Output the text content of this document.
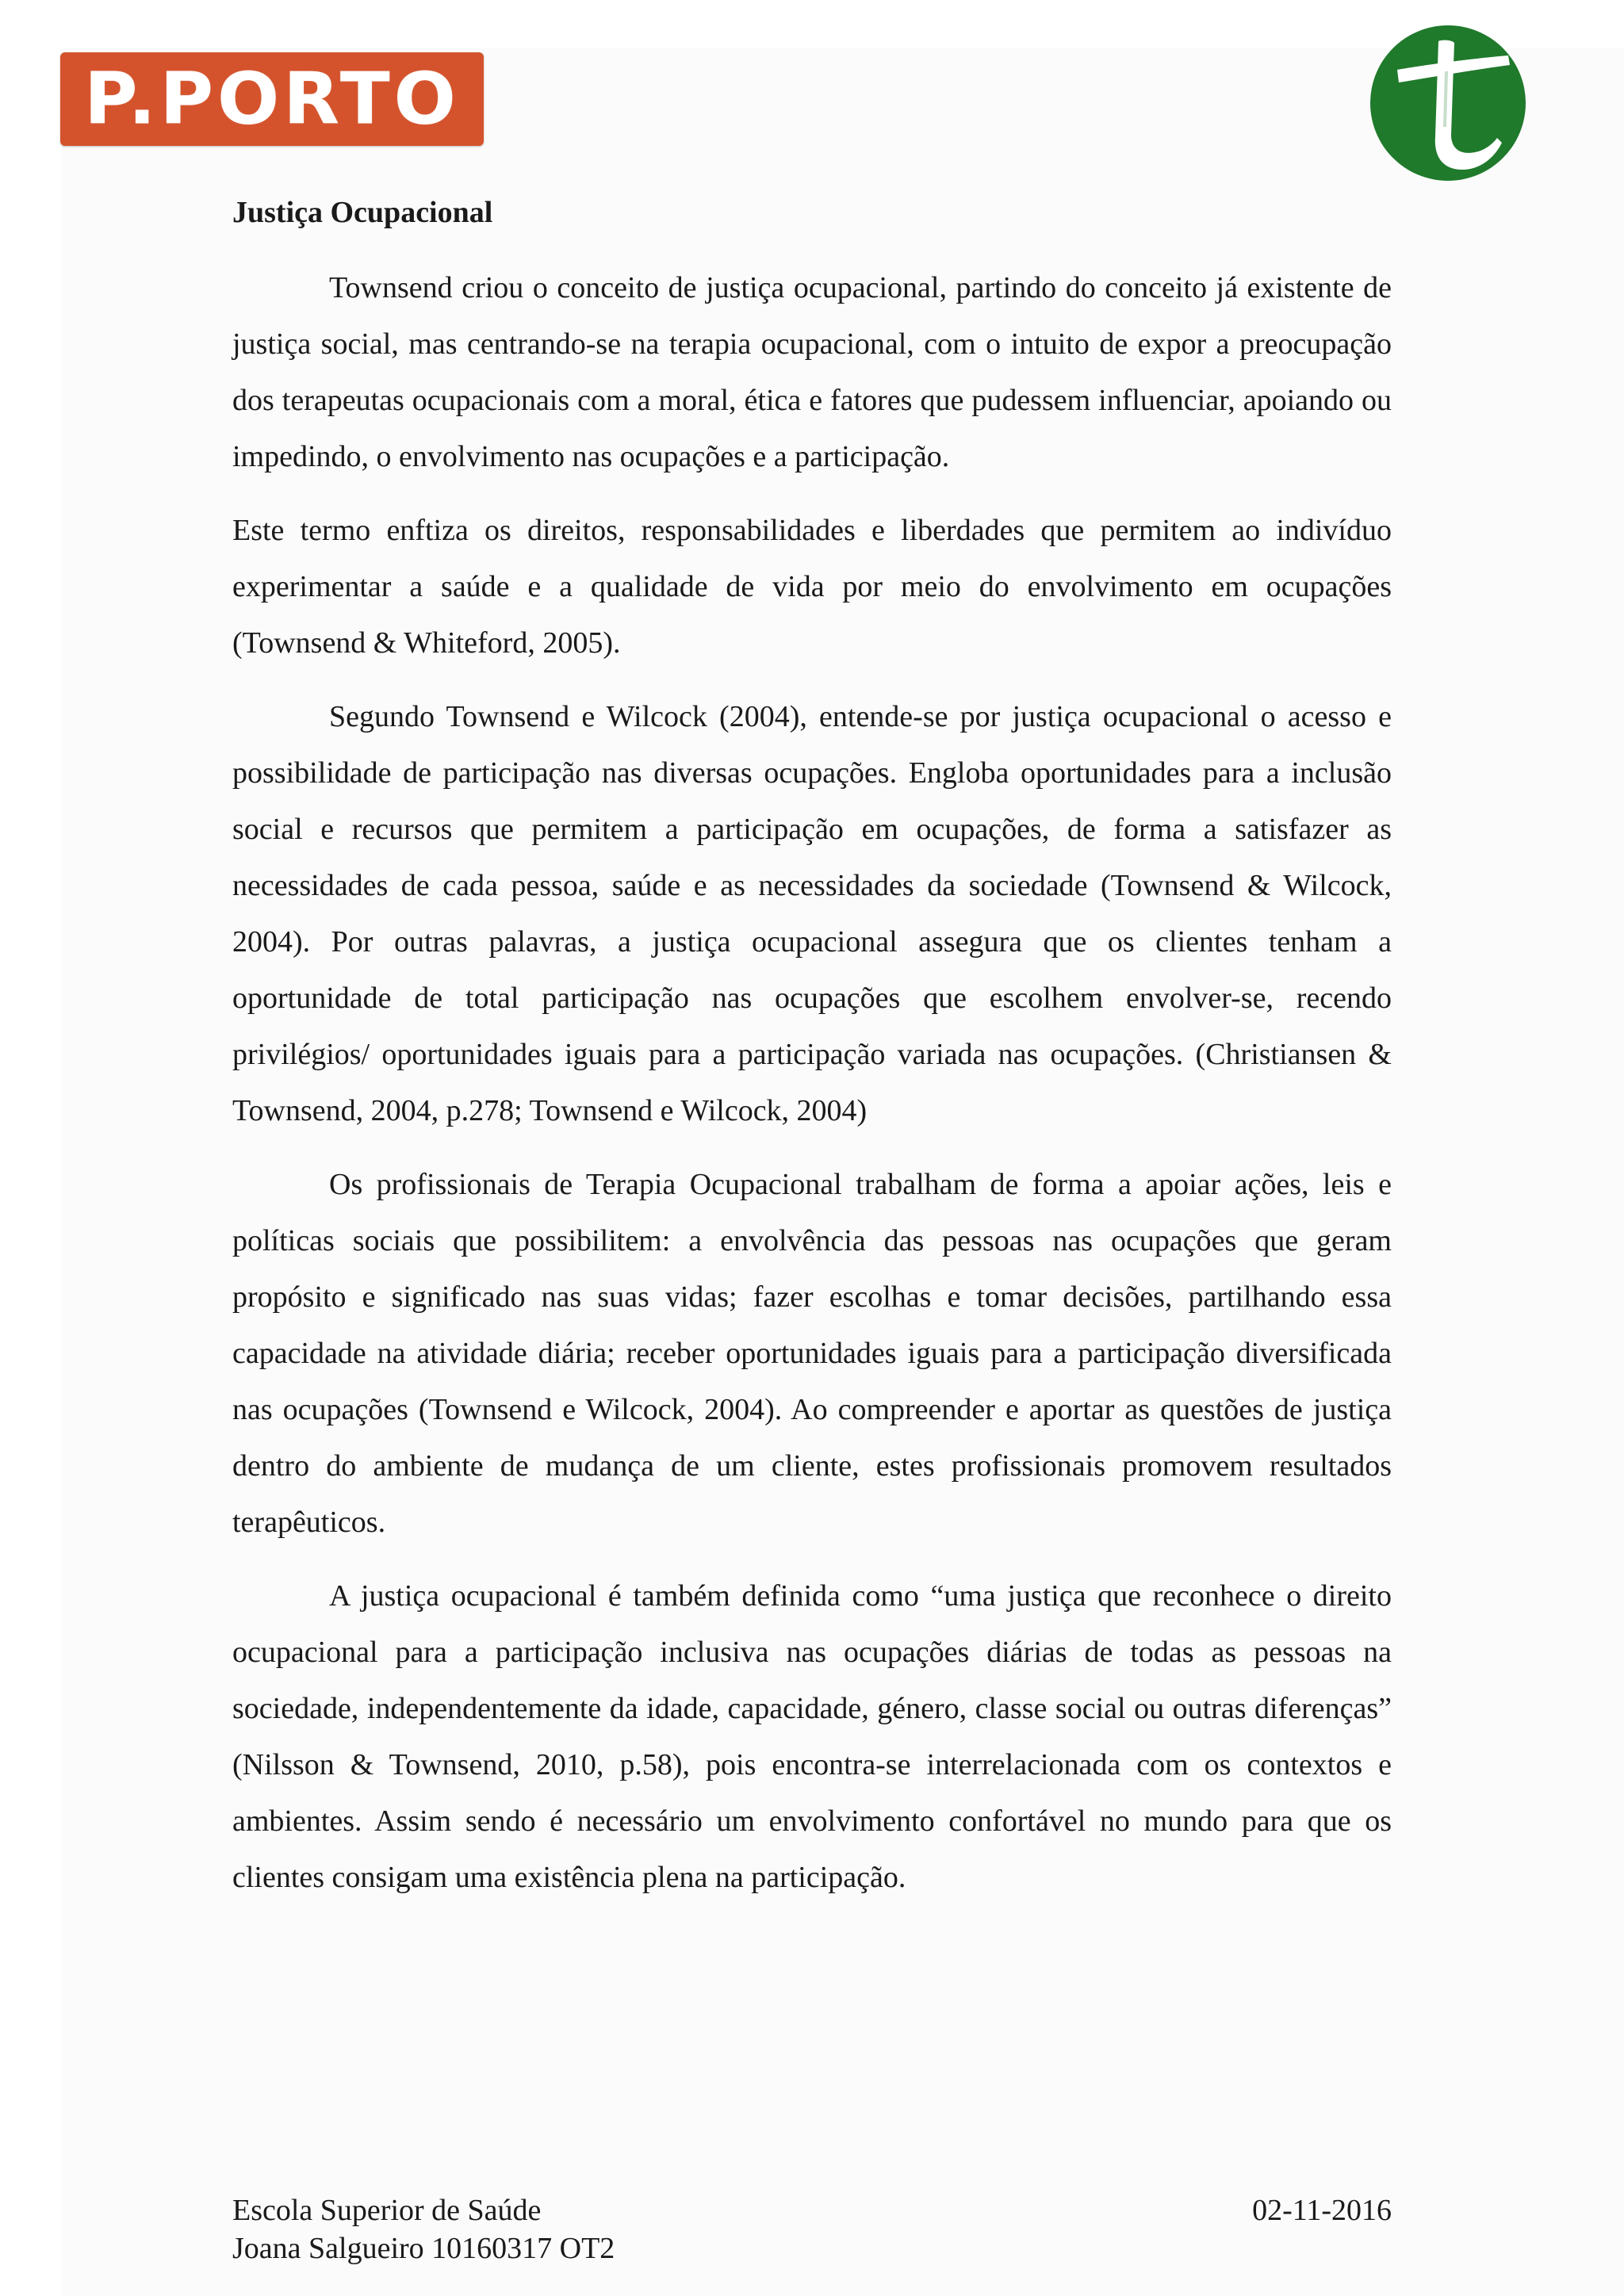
P.PORTO
Justiça Ocupacional

Townsend criou o conceito de justiça ocupacional, partindo do conceito já existente de justiça social, mas centrando-se na terapia ocupacional, com o intuito de expor a preocupação dos terapeutas ocupacionais com a moral, ética e fatores que pudessem influenciar, apoiando ou impedindo, o envolvimento nas ocupações e a participação.

Este termo enftiza os direitos, responsabilidades e liberdades que permitem ao indivíduo experimentar a saúde e a qualidade de vida por meio do envolvimento em ocupações (Townsend & Whiteford, 2005).

Segundo Townsend e Wilcock (2004), entende-se por justiça ocupacional o acesso e possibilidade de participação nas diversas ocupações. Engloba oportunidades para a inclusão social e recursos que permitem a participação em ocupações, de forma a satisfazer as necessidades de cada pessoa, saúde e as necessidades da sociedade (Townsend & Wilcock, 2004). Por outras palavras, a justiça ocupacional assegura que os clientes tenham a oportunidade de total participação nas ocupações que escolhem envolver-se, recendo privilégios/ oportunidades iguais para a participação variada nas ocupações. (Christiansen & Townsend, 2004, p.278; Townsend e Wilcock, 2004)

Os profissionais de Terapia Ocupacional trabalham de forma a apoiar ações, leis e políticas sociais que possibilitem: a envolvência das pessoas nas ocupações que geram propósito e significado nas suas vidas; fazer escolhas e tomar decisões, partilhando essa capacidade na atividade diária; receber oportunidades iguais para a participação diversificada nas ocupações (Townsend e Wilcock, 2004). Ao compreender e aportar as questões de justiça dentro do ambiente de mudança de um cliente, estes profissionais promovem resultados terapêuticos.

A justiça ocupacional é também definida como “uma justiça que reconhece o direito ocupacional para a participação inclusiva nas ocupações diárias de todas as pessoas na sociedade, independentemente da idade, capacidade, género, classe social ou outras diferenças” (Nilsson & Townsend, 2010, p.58), pois encontra-se interrelacionada com os contextos e ambientes. Assim sendo é necessário um envolvimento confortável no mundo para que os clientes consigam uma existência plena na participação.

Escola Superior de Saúde
Joana Salgueiro 10160317 OT2
02-11-2016
